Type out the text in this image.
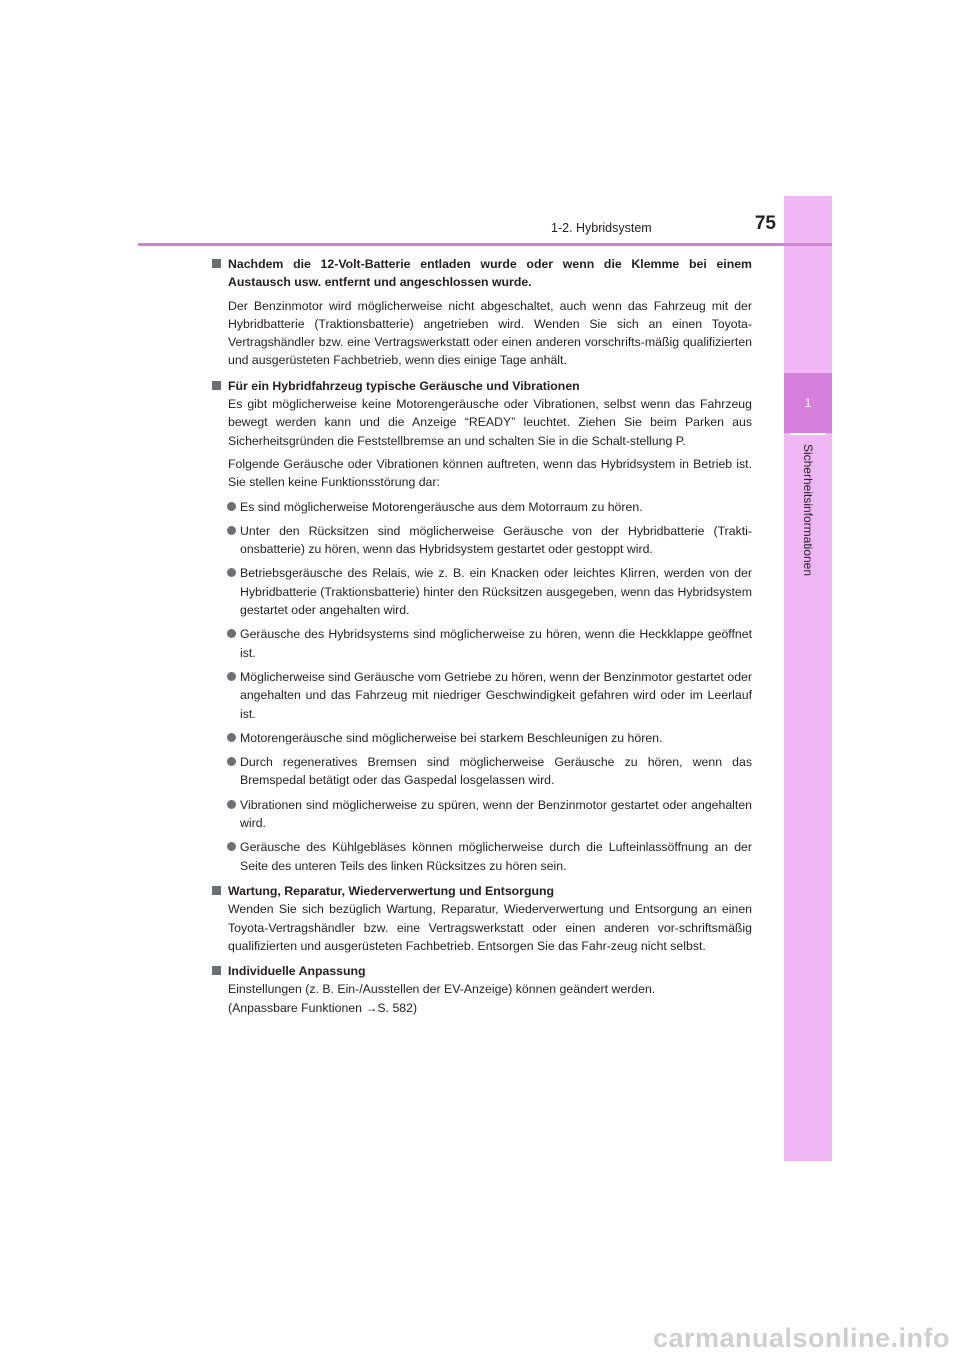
1
Sicherheitsinformationen
1-2. Hybridsystem	75

Nachdem die 12-Volt-Batterie entladen wurde oder wenn die Klemme bei einem Austausch usw. entfernt und angeschlossen wurde.

Der Benzinmotor wird möglicherweise nicht abgeschaltet, auch wenn das Fahrzeug mit der Hybridbatterie (Traktionsbatterie) angetrieben wird. Wenden Sie sich an einen Toyota-Vertragshändler bzw. eine Vertragswerkstatt oder einen anderen vorschrifts-mäßig qualifizierten und ausgerüsteten Fachbetrieb, wenn dies einige Tage anhält.

Für ein Hybridfahrzeug typische Geräusche und Vibrationen

Es gibt möglicherweise keine Motorengeräusche oder Vibrationen, selbst wenn das Fahrzeug bewegt werden kann und die Anzeige “READY” leuchtet. Ziehen Sie beim Parken aus Sicherheitsgründen die Feststellbremse an und schalten Sie in die Schalt-stellung P.

Folgende Geräusche oder Vibrationen können auftreten, wenn das Hybridsystem in Betrieb ist. Sie stellen keine Funktionsstörung dar:

Es sind möglicherweise Motorengeräusche aus dem Motorraum zu hören.

Unter den Rücksitzen sind möglicherweise Geräusche von der Hybridbatterie (Trakti-onsbatterie) zu hören, wenn das Hybridsystem gestartet oder gestoppt wird.

Betriebsgeräusche des Relais, wie z. B. ein Knacken oder leichtes Klirren, werden von der Hybridbatterie (Traktionsbatterie) hinter den Rücksitzen ausgegeben, wenn das Hybridsystem gestartet oder angehalten wird.

Geräusche des Hybridsystems sind möglicherweise zu hören, wenn die Heckklappe geöffnet ist.

Möglicherweise sind Geräusche vom Getriebe zu hören, wenn der Benzinmotor gestartet oder angehalten und das Fahrzeug mit niedriger Geschwindigkeit gefahren wird oder im Leerlauf ist.

Motorengeräusche sind möglicherweise bei starkem Beschleunigen zu hören.

Durch regeneratives Bremsen sind möglicherweise Geräusche zu hören, wenn das Bremspedal betätigt oder das Gaspedal losgelassen wird.

Vibrationen sind möglicherweise zu spüren, wenn der Benzinmotor gestartet oder angehalten wird.

Geräusche des Kühlgebläses können möglicherweise durch die Lufteinlassöffnung an der Seite des unteren Teils des linken Rücksitzes zu hören sein.

Wartung, Reparatur, Wiederverwertung und Entsorgung

Wenden Sie sich bezüglich Wartung, Reparatur, Wiederverwertung und Entsorgung an einen Toyota-Vertragshändler bzw. eine Vertragswerkstatt oder einen anderen vor-schriftsmäßig qualifizierten und ausgerüsteten Fachbetrieb. Entsorgen Sie das Fahr-zeug nicht selbst.

Individuelle Anpassung

Einstellungen (z. B. Ein-/Ausstellen der EV-Anzeige) können geändert werden.

(Anpassbare Funktionen →S. 582)

carmanualsonline.info
